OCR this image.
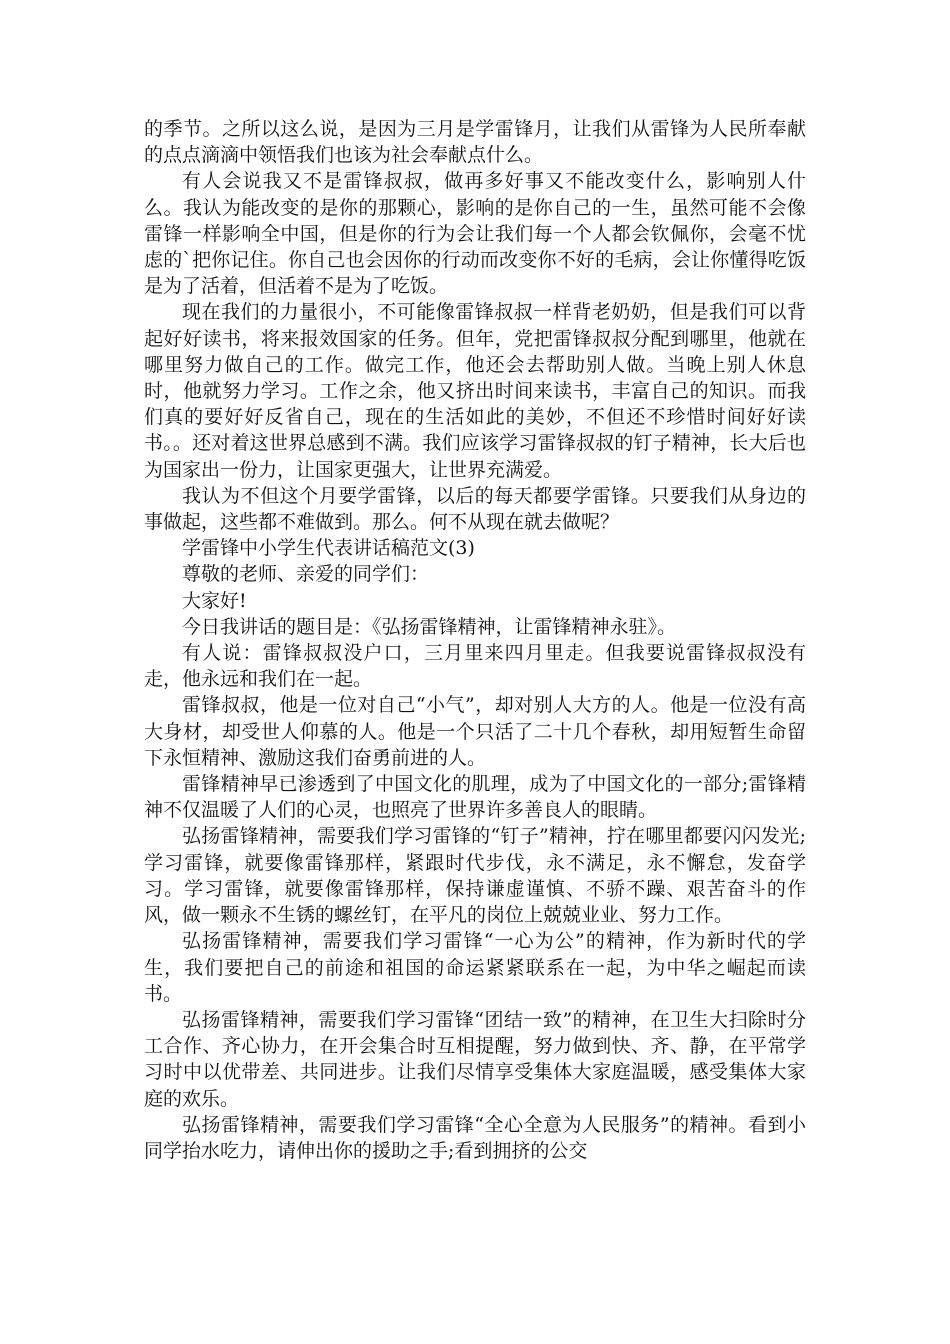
的季节。之所以这么说，是因为三月是学雷锋月，让我们从雷锋为人民所奉献的点点滴滴中领悟我们也该为社会奉献点什么。

有人会说我又不是雷锋叔叔，做再多好事又不能改变什么，影响别人什么。我认为能改变的是你的那颗心，影响的是你自己的一生，虽然可能不会像雷锋一样影响全中国，但是你的行为会让我们每一个人都会钦佩你，会毫不忧虑的`把你记住。你自己也会因你的行动而改变你不好的毛病，会让你懂得吃饭是为了活着，但活着不是为了吃饭。

现在我们的力量很小，不可能像雷锋叔叔一样背老奶奶，但是我们可以背起好好读书，将来报效国家的任务。但年，党把雷锋叔叔分配到哪里，他就在哪里努力做自己的工作。做完工作，他还会去帮助别人做。当晚上别人休息时，他就努力学习。工作之余，他又挤出时间来读书，丰富自己的知识。而我们真的要好好反省自己，现在的生活如此的美妙，不但还不珍惜时间好好读书。。还对着这世界总感到不满。我们应该学习雷锋叔叔的钉子精神，长大后也为国家出一份力，让国家更强大，让世界充满爱。

我认为不但这个月要学雷锋，以后的每天都要学雷锋。只要我们从身边的事做起，这些都不难做到。那么。何不从现在就去做呢？

学雷锋中小学生代表讲话稿范文(3)

尊敬的老师、亲爱的同学们：

大家好!

今日我讲话的题目是：《弘扬雷锋精神，让雷锋精神永驻》。

有人说：雷锋叔叔没户口，三月里来四月里走。但我要说雷锋叔叔没有走，他永远和我们在一起。

雷锋叔叔，他是一位对自己“小气”，却对别人大方的人。他是一位没有高大身材，却受世人仰慕的人。他是一个只活了二十几个春秋，却用短暂生命留下永恒精神、激励这我们奋勇前进的人。

雷锋精神早已渗透到了中国文化的肌理，成为了中国文化的一部分;雷锋精神不仅温暖了人们的心灵，也照亮了世界许多善良人的眼睛。

弘扬雷锋精神，需要我们学习雷锋的“钉子”精神，拧在哪里都要闪闪发光;学习雷锋，就要像雷锋那样，紧跟时代步伐，永不满足，永不懈怠，发奋学习。学习雷锋，就要像雷锋那样，保持谦虚谨慎、不骄不躁、艰苦奋斗的作风，做一颗永不生锈的螺丝钉，在平凡的岗位上兢兢业业、努力工作。

弘扬雷锋精神，需要我们学习雷锋“一心为公”的精神，作为新时代的学生，我们要把自己的前途和祖国的命运紧紧联系在一起，为中华之崛起而读书。

弘扬雷锋精神，需要我们学习雷锋“团结一致”的精神，在卫生大扫除时分工合作、齐心协力，在开会集合时互相提醒，努力做到快、齐、静，在平常学习时中以优带差、共同进步。让我们尽情享受集体大家庭温暖，感受集体大家庭的欢乐。

弘扬雷锋精神，需要我们学习雷锋“全心全意为人民服务”的精神。看到小同学抬水吃力，请伸出你的援助之手;看到拥挤的公交
